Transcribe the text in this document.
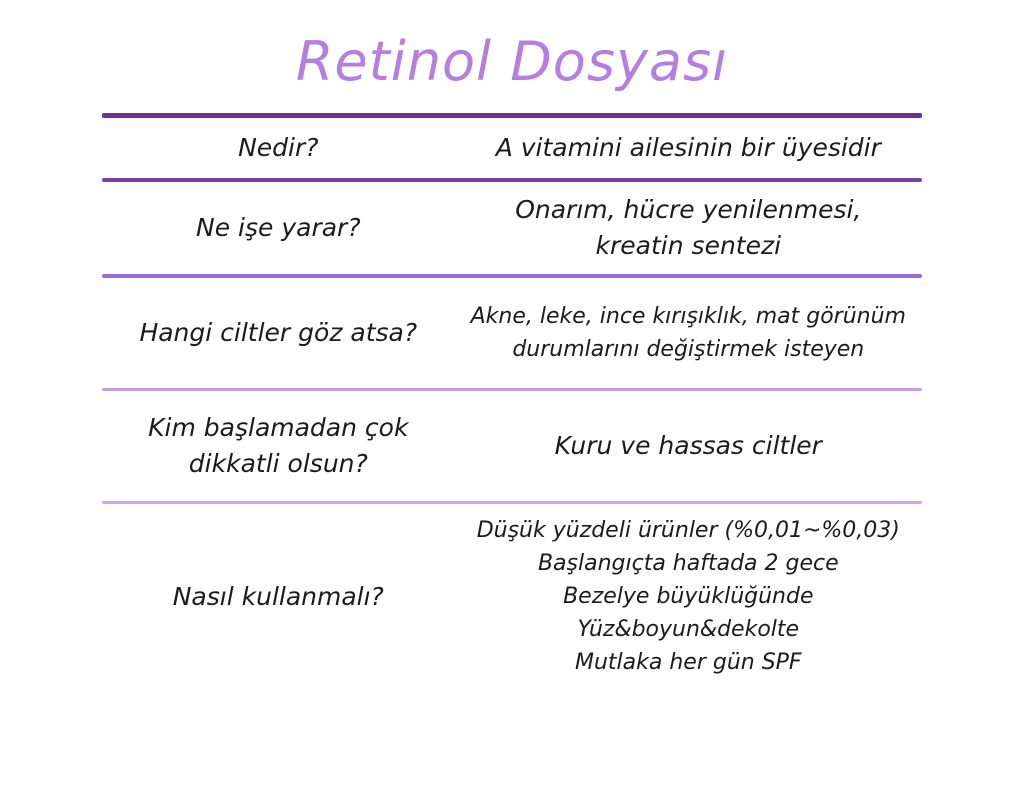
Retinol Dosyası
Nedir?	A vitamini ailesinin bir üyesidir
Ne işe yarar?
Onarım, hücre yenilenmesi,
kreatin sentezi
Hangi ciltler göz atsa?
Akne, leke, ince kırışıklık, mat görünüm
durumlarını değiştirmek isteyen
Kim başlamadan çok dikkatli olsun?
Kuru ve hassas ciltler
Nasıl kullanmalı?
Düşük yüzdeli ürünler (%0,01~%0,03)
Başlangıçta haftada 2 gece
Bezelye büyüklüğünde
Yüz&boyun&dekolte
Mutlaka her gün SPF
